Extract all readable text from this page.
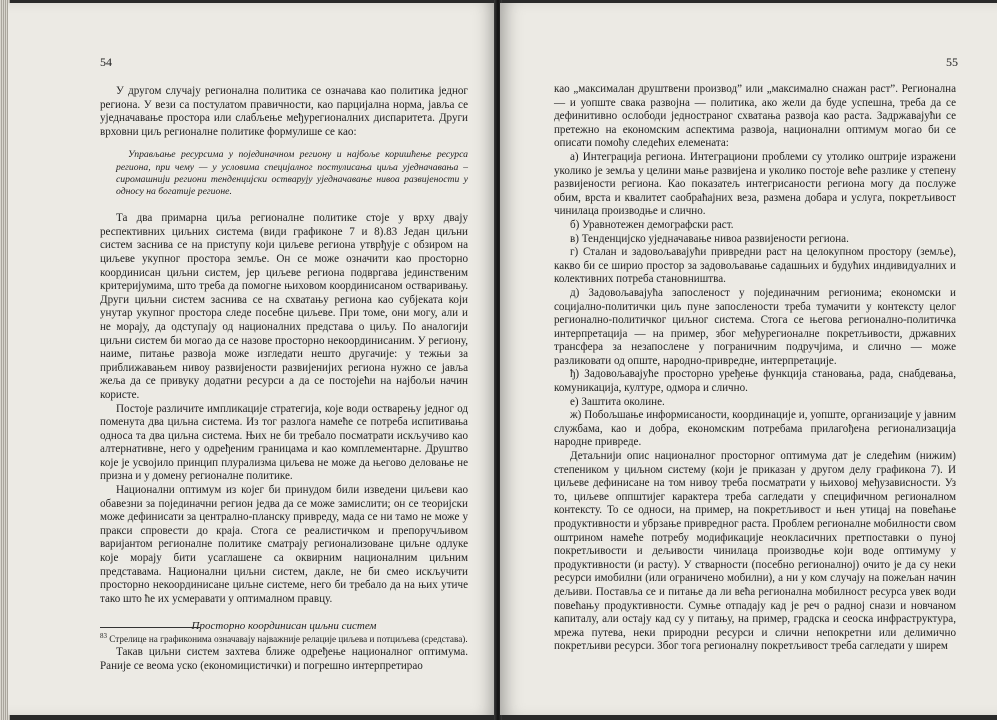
54

У другом случају регионална политика се означава као политика једног региона. У вези са постулатом правичности, као парцијална норма, јавља се уједначавање простора или слабљење међурегионалних диспаритета. Други врховни циљ регионалне политике формулише се као:

Управљање ресурсима у појединачном региону и најбоље коришћење ресурса региона, при чему — у условима специјалног постулисања циља уједначавања – сиромашнији региони тенденцијски остварују уједначавање нивоа развијености у односу на богатије регионе.

Та два примарна циља регионалне политике стоје у врху двају респективних циљних система (види графиконе 7 и 8).83 Један циљни систем заснива се на приступу који циљеве региона утврђује с обзиром на циљеве укупног простора земље. Он се може означити као просторно координисан циљни систем, јер циљеве региона подвргава јединственим критеријумима, што треба да помогне њиховом координисаном остваривању. Други циљни систем заснива се на схватању региона као субјеката који унутар укупног простора следе посебне циљеве. При томе, они могу, али и не морају, да одступају од националних представа о циљу. По аналогији циљни систем би могао да се назове просторно некоординисаним. У региону, наиме, питање развоја може изгледати нешто другачије: у тежњи за приближавањем нивоу развијености развијенијих региона нужно се јавља жеља да се привуку додатни ресурси а да се постојећи на најбољи начин користе.

Постоје различите импликације стратегија, које води остварењу једног од поменута два циљна система. Из тог разлога намеће се потреба испитивања односа та два циљна система. Њих не би требало посматрати искључиво као алтернативне, него у одређеним границама и као комплементарне. Друштво које је усвојило принцип плурализма циљева не може да његово деловање не призна и у домену регионалне политике.

Национални оптимум из којег би принудом били изведени циљеви као обавезни за појединачни регион једва да се може замислити; он се теоријски може дефинисати за централно-планску привреду, мада се ни тамо не може у пракси спровести до краја. Стога се реалистичком и препоручљивом варијантом регионалне политике сматрају регионализоване циљне одлуке које морају бити усаглашене са оквирним националним циљним представама. Национални циљни систем, дакле, не би смео искључити просторно некоординисане циљне системе, него би требало да на њих утиче тако што ће их усмеравати у оптималном правцу.

Просторно координисан циљни систем

Такав циљни систем захтева ближе одређење националног оптимума. Раније се веома уско (економицистички) и погрешно интерпретирао

$^{83}$ Стрелице на графиконима означавају најважније релације циљева и потциљева (средстава).
55

као „максималан друштвени производ” или „максимално снажан раст”. Регионална — и уопште свака развојна — политика, ако жели да буде успешна, треба да се дефинитивно ослободи једностраног схватања развоја као раста. Задржавајући се претежно на економским аспектима развоја, национални оптимум могао би се описати помоћу следећих елемената:

а) Интеграција региона. Интеграциони проблеми су утолико оштрије изражени уколико је земља у целини мање развијена и уколико постоје веће разлике у степену развијености региона. Као показатељ интегрисаности региона могу да послуже обим, врста и квалитет саобраћајних веза, размена добара и услуга, покретљивост чинилаца производње и слично.

б) Уравнотежен демографски раст.

в) Тенденцијско уједначавање нивоа развијености региона.

г) Сталан и задовољавајући привредни раст на целокупном простору (земље), какво би се ширио простор за задовољавање садашњих и будућих индивидуалних и колективних потреба становништва.

д) Задовољавајућа запосленост у појединачним регионима; економски и социјално-политички циљ пуне запослености треба тумачити у контексту целог регионално-политичког циљног система. Стога се његова регионално-политичка интерпретација — на пример, због међурегионалне покретљивости, државних трансфера за незапослене у пограничним подручјима, и слично — може разликовати од опште, народно-привредне, интерпретације.

ђ) Задовољавајуће просторно уређење функција становања, рада, снабдевања, комуникација, културе, одмора и слично.

е) Заштита околине.

ж) Побољшање информисаности, координације и, уопште, организације у јавним службама, као и добра, економским потребама прилагођена регионализација народне привреде.

Детаљнији опис националног просторног оптимума дат је следећим (нижим) степеником у циљном систему (који је приказан у другом делу графикона 7). И циљеве дефинисане на том нивоу треба посматрати у њиховој међузависности. Уз то, циљеве оппштијег карактера треба сагледати у специфичном регионалном контексту. То се односи, на пример, на покретљивост и њен утицај на повећање продуктивности и убрзање привредног раста. Проблем регионалне мобилности свом оштрином намеће потребу модификације неокласичних претпоставки о пуној покретљивости и дељивости чинилаца производње који воде оптимуму у продуктивности (и расту). У стварности (посебно регионалној) очито је да су неки ресурси имобилни (или ограничено мобилни), а ни у ком случају на пожељан начин дељиви. Постављa се и питање да ли већа регионална мобилност ресурса увек води повећању продуктивности. Сумње отпадају кад је реч о радној снази и новчаном капиталу, али остају кад су у питању, на пример, градска и сеоска инфраструктура, мрежа путева, неки природни ресурси и слични непокретни или делимично покретљиви ресурси. Због тога регионалну покретљивост треба сагледати у ширем
